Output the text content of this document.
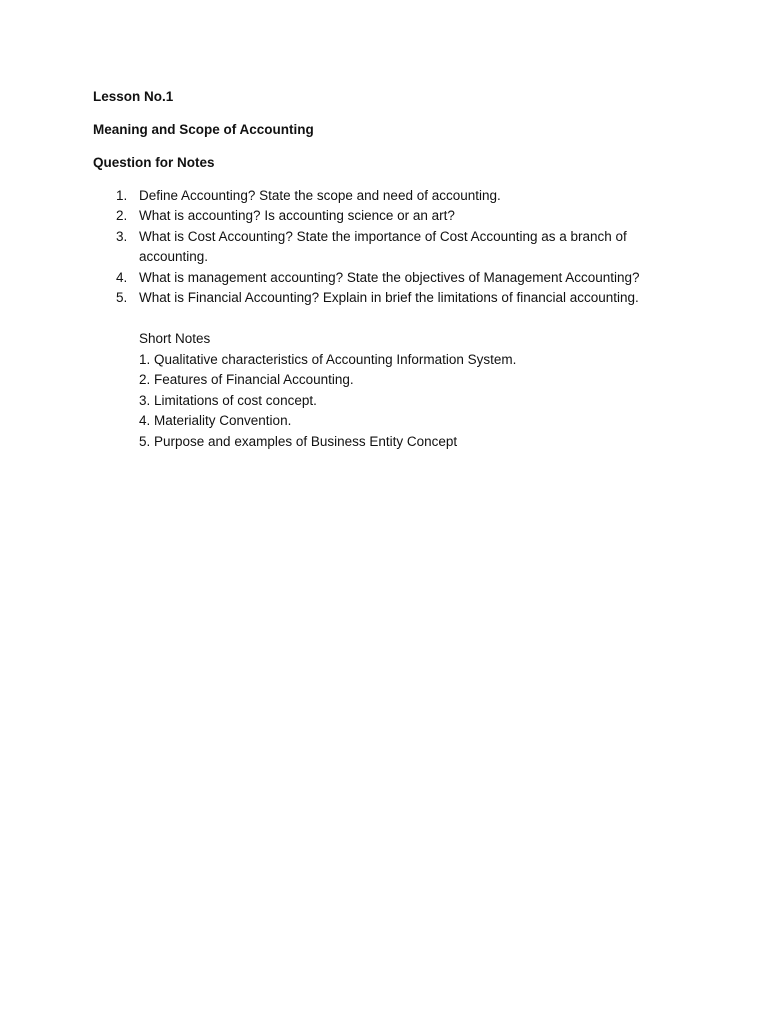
Lesson No.1

Meaning and Scope of Accounting

Question for Notes

1. Define Accounting? State the scope and need of accounting.
2. What is accounting? Is accounting science or an art?
3. What is Cost Accounting? State the importance of Cost Accounting as a branch of accounting.
4. What is management accounting? State the objectives of Management Accounting?
5. What is Financial Accounting? Explain in brief the limitations of financial accounting.
Short Notes
1. Qualitative characteristics of Accounting Information System.
2. Features of Financial Accounting.
3. Limitations of cost concept.
4. Materiality Convention.
5. Purpose and examples of Business Entity Concept
